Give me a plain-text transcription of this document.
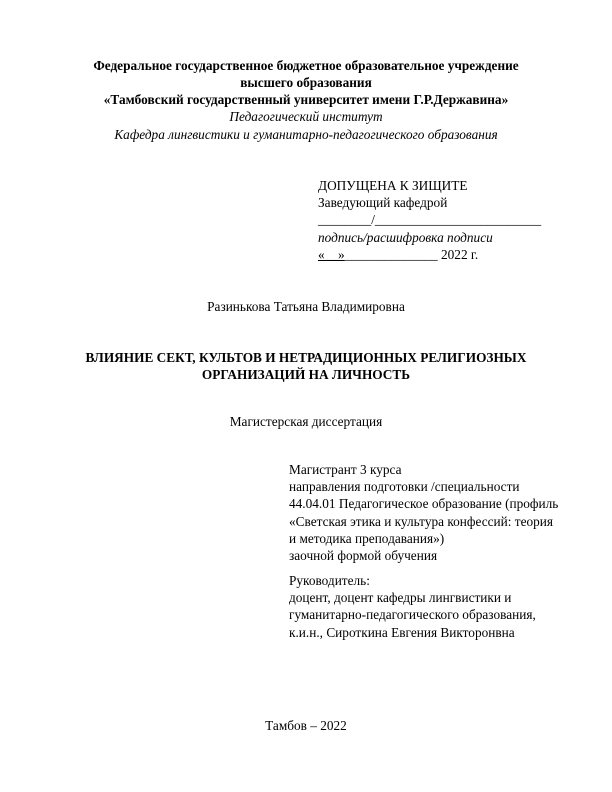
Федеральное государственное бюджетное образовательное учреждение
высшего образования
«Тамбовский государственный университет имени Г.Р.Державина»
Педагогический институт
Кафедра лингвистики и гуманитарно-педагогического образования
ДОПУЩЕНА К ЗИЩИТЕ
Заведующий кафедрой
________/_________________________
подпись/расшифровка подписи
«__»______________ 2022 г.
Разинькова Татьяна Владимировна
ВЛИЯНИЕ СЕКТ, КУЛЬТОВ И НЕТРАДИЦИОННЫХ РЕЛИГИОЗНЫХ
ОРГАНИЗАЦИЙ НА ЛИЧНОСТЬ
Магистерская диссертация
Магистрант 3 курса
направления подготовки /специальности
44.04.01 Педагогическое образование (профиль
«Светская этика и культура конфессий: теория
и методика преподавания»)
заочной формой обучения
Руководитель:
доцент, доцент кафедры лингвистики и
гуманитарно-педагогического образования,
к.и.н., Сироткина Евгения Викторонвна
Тамбов – 2022
